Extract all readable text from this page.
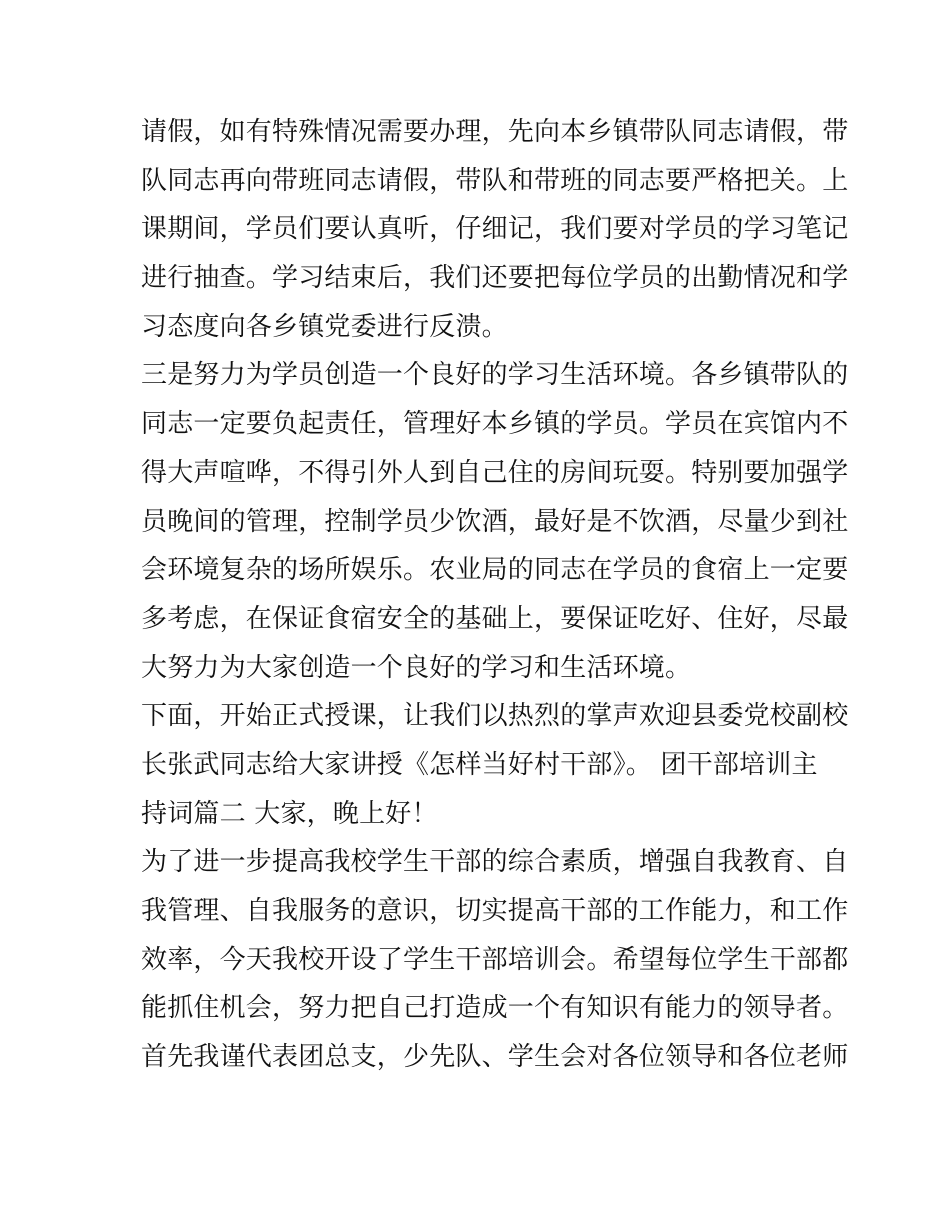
请假，如有特殊情况需要办理，先向本乡镇带队同志请假，带
队同志再向带班同志请假，带队和带班的同志要严格把关。上
课期间，学员们要认真听，仔细记，我们要对学员的学习笔记
进行抽查。学习结束后，我们还要把每位学员的出勤情况和学
习态度向各乡镇党委进行反溃。
三是努力为学员创造一个良好的学习生活环境。各乡镇带队的
同志一定要负起责任，管理好本乡镇的学员。学员在宾馆内不
得大声喧哗，不得引外人到自己住的房间玩耍。特别要加强学
员晚间的管理，控制学员少饮酒，最好是不饮酒，尽量少到社
会环境复杂的场所娱乐。农业局的同志在学员的食宿上一定要
多考虑，在保证食宿安全的基础上，要保证吃好、住好，尽最
大努力为大家创造一个良好的学习和生活环境。
下面，开始正式授课，让我们以热烈的掌声欢迎县委党校副校
长张武同志给大家讲授《怎样当好村干部》。 团干部培训主
持词篇二 大家，晚上好！
为了进一步提高我校学生干部的综合素质，增强自我教育、自
我管理、自我服务的意识，切实提高干部的工作能力，和工作
效率，今天我校开设了学生干部培训会。希望每位学生干部都
能抓住机会，努力把自己打造成一个有知识有能力的领导者。
首先我谨代表团总支，少先队、学生会对各位领导和各位老师
